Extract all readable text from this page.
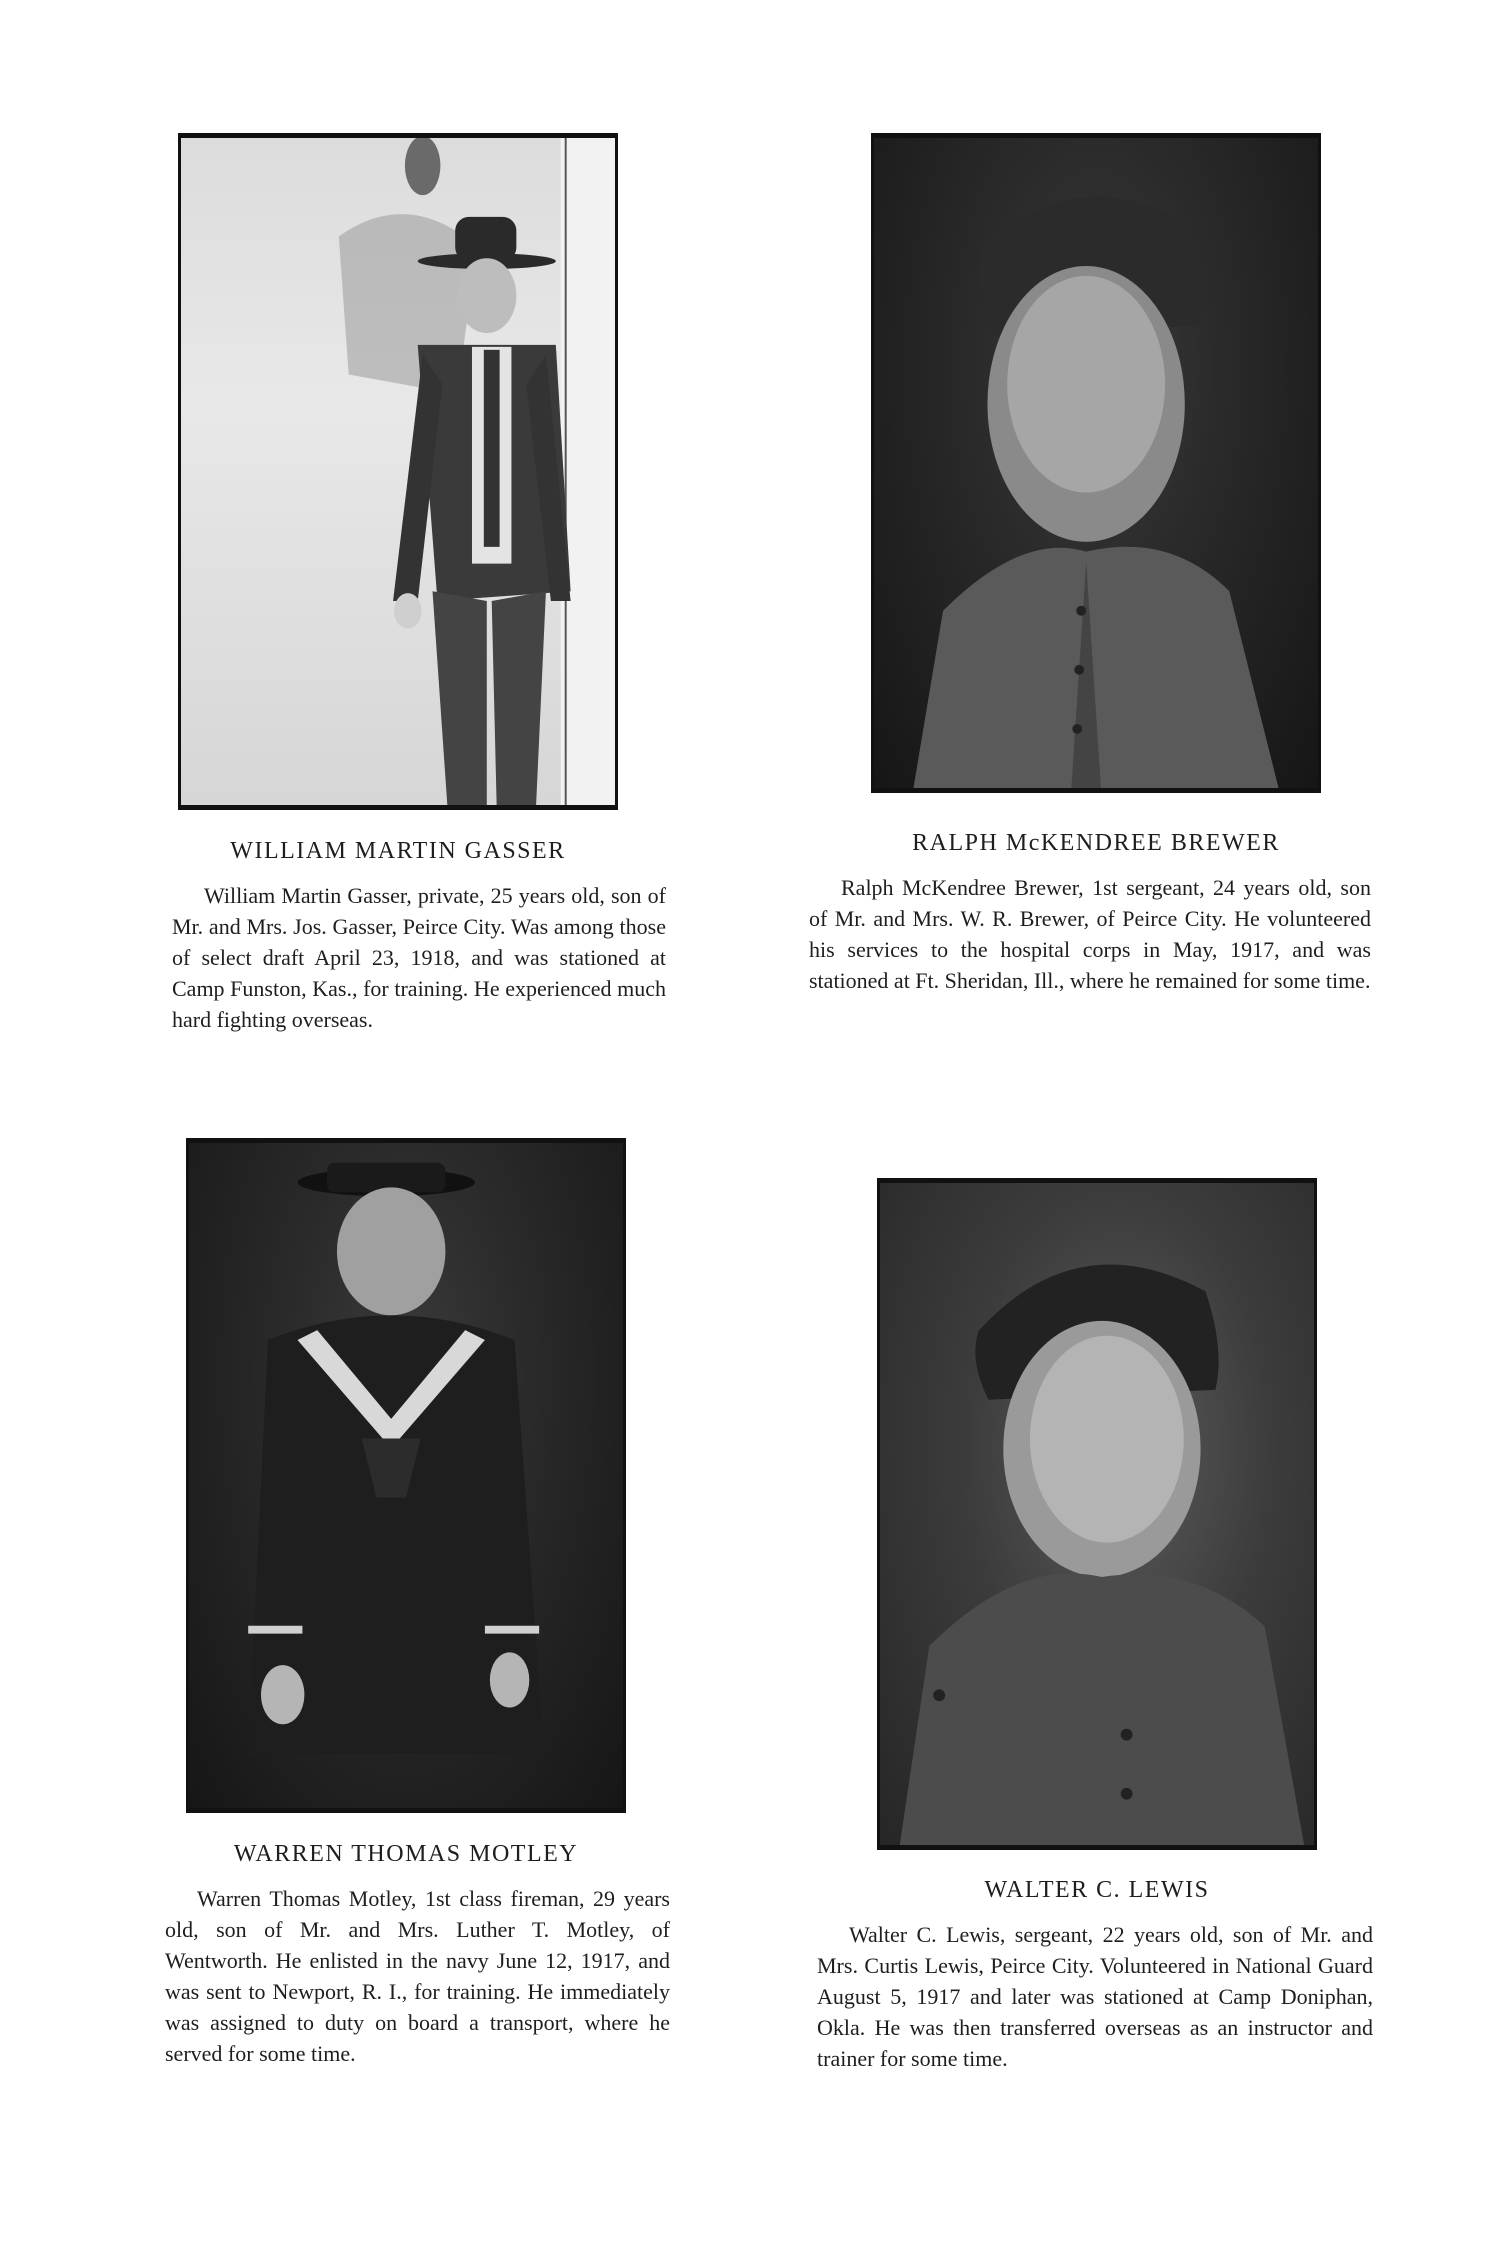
WILLIAM MARTIN GASSER

William Martin Gasser, private, 25 years old, son of Mr. and Mrs. Jos. Gasser, Peirce City. Was among those of select draft April 23, 1918, and was stationed at Camp Funston, Kas., for training. He experienced much hard fighting overseas.

RALPH McKENDREE BREWER

Ralph McKendree Brewer, 1st sergeant, 24 years old, son of Mr. and Mrs. W. R. Brewer, of Peirce City. He volunteered his services to the hospital corps in May, 1917, and was stationed at Ft. Sheridan, Ill., where he remained for some time.

WARREN THOMAS MOTLEY

Warren Thomas Motley, 1st class fireman, 29 years old, son of Mr. and Mrs. Luther T. Motley, of Wentworth. He enlisted in the navy June 12, 1917, and was sent to Newport, R. I., for training. He immediately was assigned to duty on board a transport, where he served for some time.

WALTER C. LEWIS

Walter C. Lewis, sergeant, 22 years old, son of Mr. and Mrs. Curtis Lewis, Peirce City. Volunteered in National Guard August 5, 1917 and later was stationed at Camp Doniphan, Okla. He was then transferred overseas as an instructor and trainer for some time.
